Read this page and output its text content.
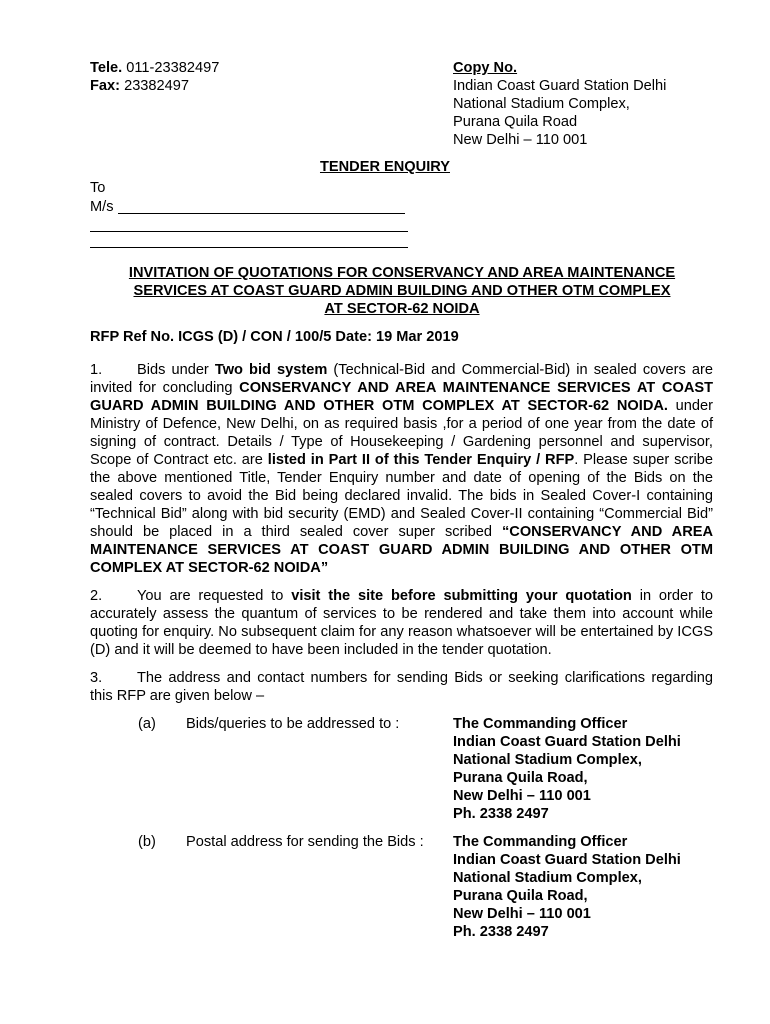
Tele. 011-23382497
Fax: 23382497
Copy No.
Indian Coast Guard Station Delhi
National Stadium Complex,
Purana Quila Road
New Delhi – 110 001
TENDER ENQUIRY
To
M/s
INVITATION OF QUOTATIONS FOR CONSERVANCY AND AREA MAINTENANCE
SERVICES AT COAST GUARD ADMIN BUILDING AND OTHER OTM COMPLEX
AT SECTOR-62 NOIDA
RFP Ref No. ICGS (D) / CON / 100/5 Date: 19 Mar 2019

1. Bids under Two bid system (Technical-Bid and Commercial-Bid) in sealed covers are invited for concluding CONSERVANCY AND AREA MAINTENANCE SERVICES AT COAST GUARD ADMIN BUILDING AND OTHER OTM COMPLEX AT SECTOR-62 NOIDA. under Ministry of Defence, New Delhi, on as required basis ,for a period of one year from the date of signing of contract. Details / Type of Housekeeping / Gardening personnel and supervisor, Scope of Contract etc. are listed in Part II of this Tender Enquiry / RFP. Please super scribe the above mentioned Title, Tender Enquiry number and date of opening of the Bids on the sealed covers to avoid the Bid being declared invalid. The bids in Sealed Cover-I containing “Technical Bid” along with bid security (EMD) and Sealed Cover-II containing “Commercial Bid” should be placed in a third sealed cover super scribed “CONSERVANCY AND AREA MAINTENANCE SERVICES AT COAST GUARD ADMIN BUILDING AND OTHER OTM COMPLEX AT SECTOR-62 NOIDA”

2. You are requested to visit the site before submitting your quotation in order to accurately assess the quantum of services to be rendered and take them into account while quoting for enquiry. No subsequent claim for any reason whatsoever will be entertained by ICGS (D) and it will be deemed to have been included in the tender quotation.

3. The address and contact numbers for sending Bids or seeking clarifications regarding this RFP are given below –

(a) Bids/queries to be addressed to :	The Commanding Officer
Indian Coast Guard Station Delhi
National Stadium Complex,
Purana Quila Road,
New Delhi – 110 001
Ph. 2338 2497
(b) Postal address for sending the Bids : The Commanding Officer
Indian Coast Guard Station Delhi
National Stadium Complex,
Purana Quila Road,
New Delhi – 110 001
Ph. 2338 2497
